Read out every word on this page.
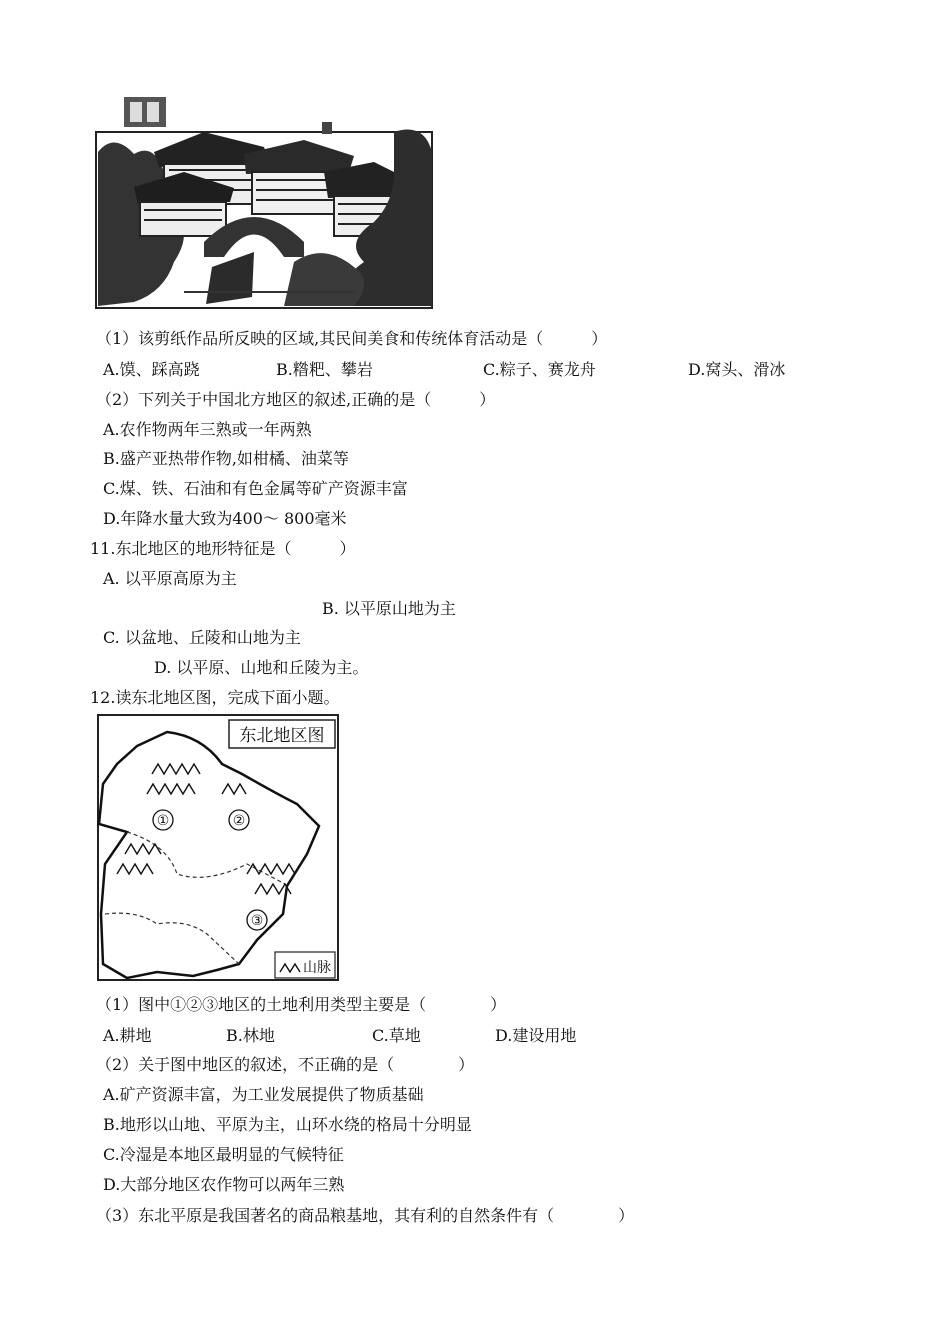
（1）该剪纸作品所反映的区域,其民间美食和传统体育活动是（　　　）
A.馍、踩高跷	B.糌粑、攀岩	C.粽子、赛龙舟	D.窝头、滑冰
（2）下列关于中国北方地区的叙述,正确的是（　　　）
A.农作物两年三熟或一年两熟
B.盛产亚热带作物,如柑橘、油菜等
C.煤、铁、石油和有色金属等矿产资源丰富
D.年降水量大致为400～ 800毫米
11.东北地区的地形特征是（　　　）
A. 以平原高原为主
B. 以平原山地为主
C. 以盆地、丘陵和山地为主
D. 以平原、山地和丘陵为主。
12.读东北地区图，完成下面小题。
东北地区图
①	②
③
山脉
（1）图中①②③地区的土地利用类型主要是（　　　　）
A.耕地	B.林地	C.草地	D.建设用地
（2）关于图中地区的叙述，不正确的是（　　　　）
A.矿产资源丰富，为工业发展提供了物质基础
B.地形以山地、平原为主，山环水绕的格局十分明显
C.冷湿是本地区最明显的气候特征
D.大部分地区农作物可以两年三熟
（3）东北平原是我国著名的商品粮基地，其有利的自然条件有（　　　　）
